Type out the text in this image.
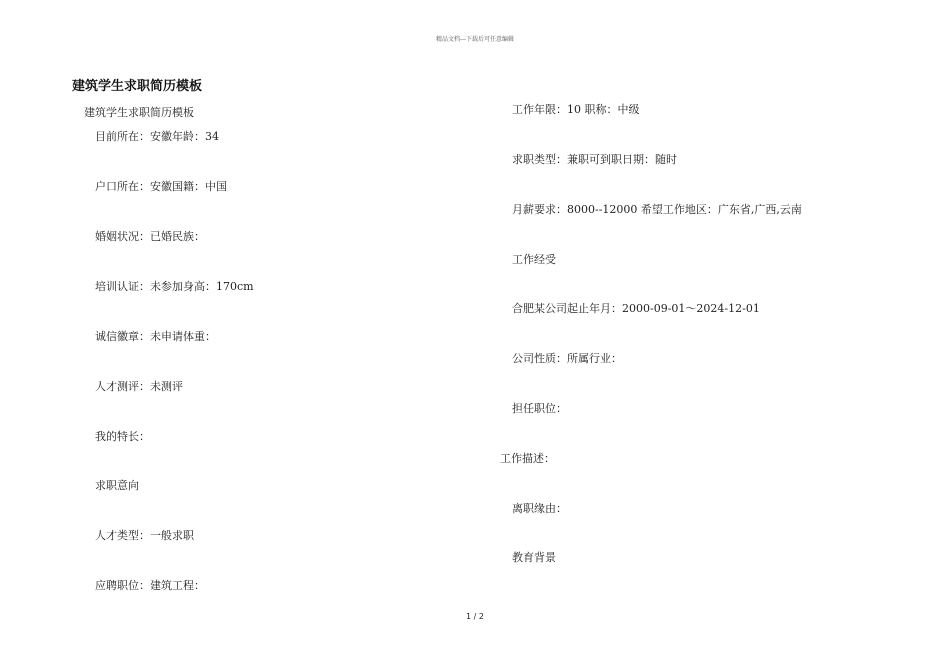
精品文档---下载后可任意编辑
建筑学生求职简历模板
建筑学生求职简历模板
目前所在：安徽年龄：34
户口所在：安徽国籍：中国
婚姻状况：已婚民族：
培训认证：未参加身高：170cm
诚信徽章：未申请体重：
人才测评：未测评
我的特长：
求职意向
人才类型：一般求职
应聘职位：建筑工程：
工作年限：10 职称：中级
求职类型：兼职可到职日期：随时
月薪要求：8000--12000 希望工作地区：广东省,广西,云南
工作经受
合肥某公司起止年月：2000-09-01～2024-12-01
公司性质：所属行业：
担任职位：
工作描述：
离职缘由：
教育背景
1 / 2
